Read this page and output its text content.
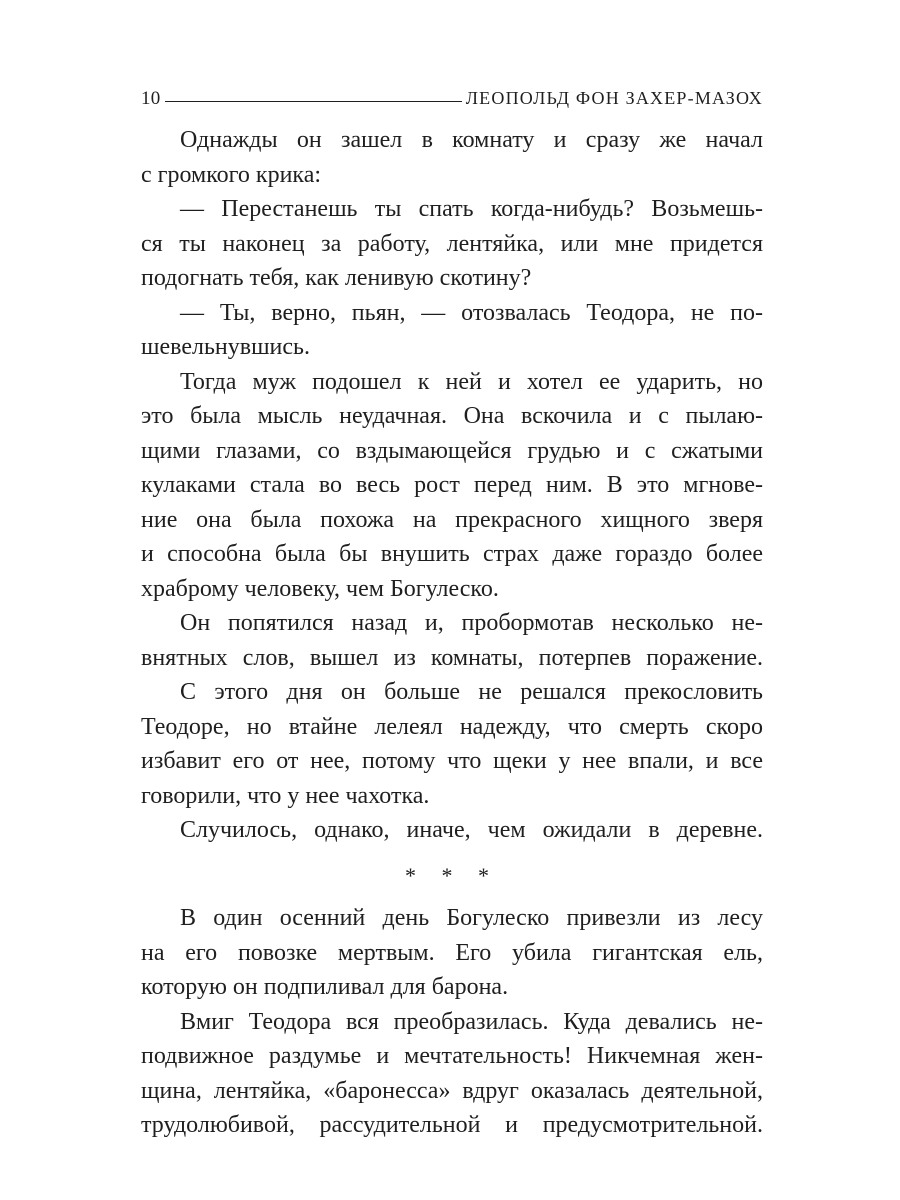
10	ЛЕОПОЛЬД ФОН ЗАХЕР-МАЗОХ
Однажды он зашел в комнату и сразу же начал
с громкого крика:
— Перестанешь ты спать когда-нибудь? Возьмешь-
ся ты наконец за работу, лентяйка, или мне придется
подогнать тебя, как ленивую скотину?
— Ты, верно, пьян, — отозвалась Теодора, не по-
шевельнувшись.
Тогда муж подошел к ней и хотел ее ударить, но
это была мысль неудачная. Она вскочила и с пылаю-
щими глазами, со вздымающейся грудью и с сжатыми
кулаками стала во весь рост перед ним. В это мгнове-
ние она была похожа на прекрасного хищного зверя
и способна была бы внушить страх даже гораздо более
храброму человеку, чем Богулеско.
Он попятился назад и, пробормотав несколько не-
внятных слов, вышел из комнаты, потерпев поражение.
С этого дня он больше не решался прекословить
Теодоре, но втайне лелеял надежду, что смерть скоро
избавит его от нее, потому что щеки у нее впали, и все
говорили, что у нее чахотка.
Случилось, однако, иначе, чем ожидали в деревне.
* * *
В один осенний день Богулеско привезли из лесу
на его повозке мертвым. Его убила гигантская ель,
которую он подпиливал для барона.
Вмиг Теодора вся преобразилась. Куда девались не-
подвижное раздумье и мечтательность! Никчемная жен-
щина, лентяйка, «баронесса» вдруг оказалась деятельной,
трудолюбивой, рассудительной и предусмотрительной.
